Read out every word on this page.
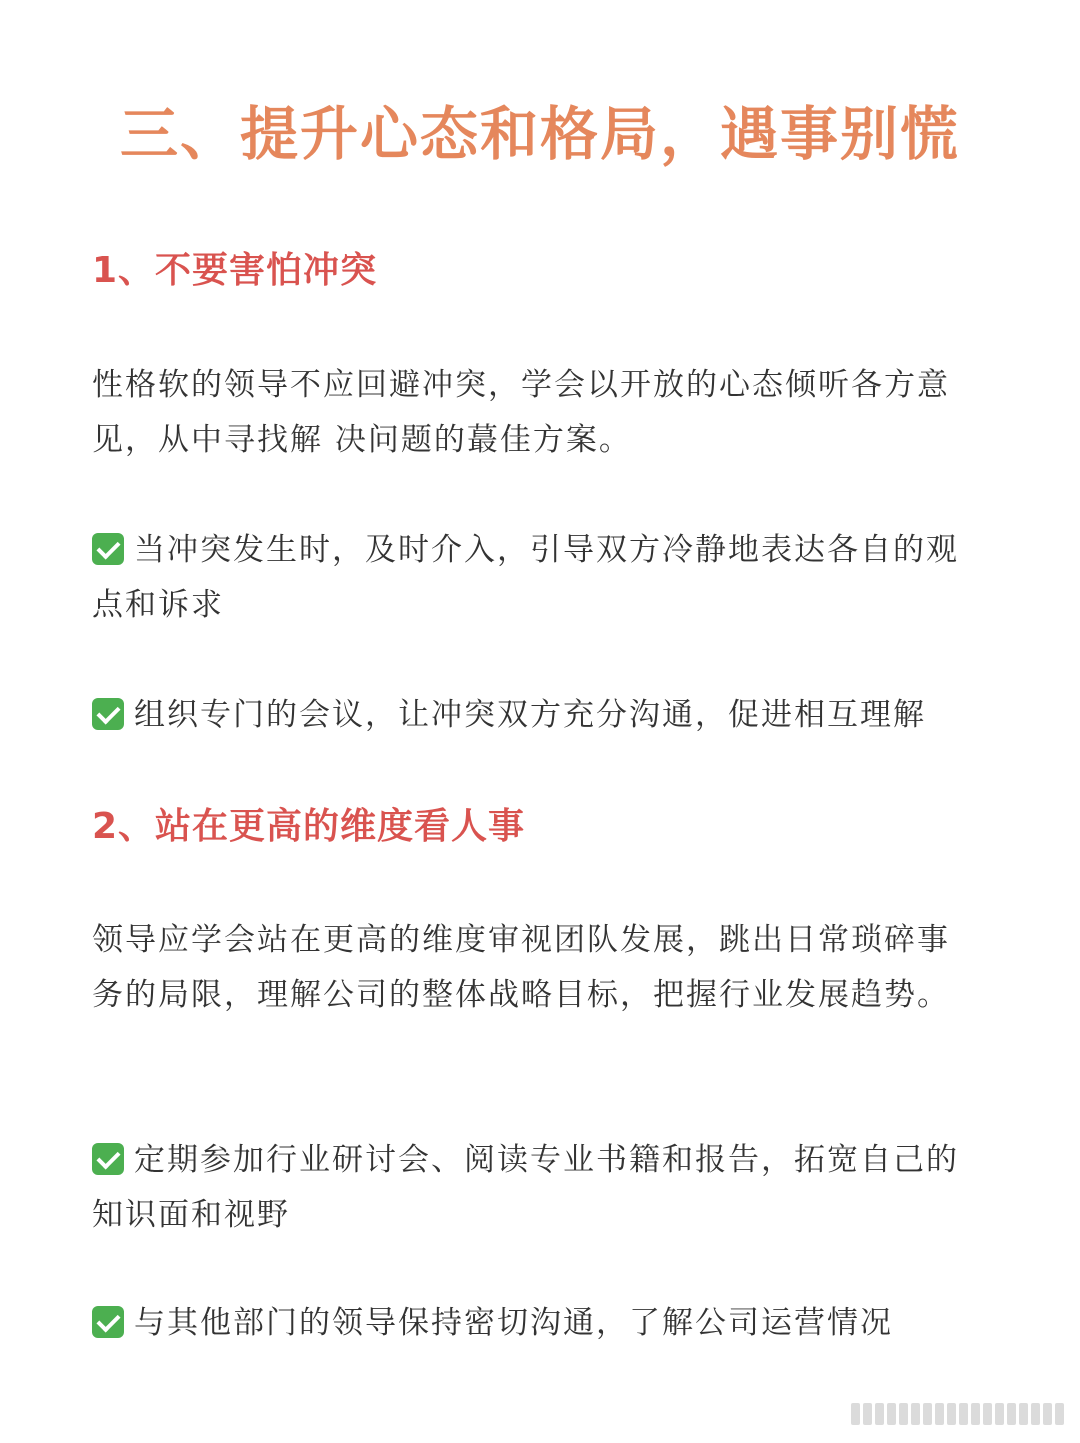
三、提升心态和格局，遇事别慌
1、不要害怕冲突

性格软的领导不应回避冲突，学会以开放的心态倾听各方意见，从中寻找解 决问题的蕞佳方案。

当冲突发生时，及时介入，引导双方冷静地表达各自的观点和诉求

组织专门的会议，让冲突双方充分沟通，促进相互理解

2、站在更高的维度看人事

领导应学会站在更高的维度审视团队发展，跳出日常琐碎事务的局限，理解公司的整体战略目标，把握行业发展趋势。

定期参加行业研讨会、阅读专业书籍和报告，拓宽自己的知识面和视野

与其他部门的领导保持密切沟通，了解公司运营情况
